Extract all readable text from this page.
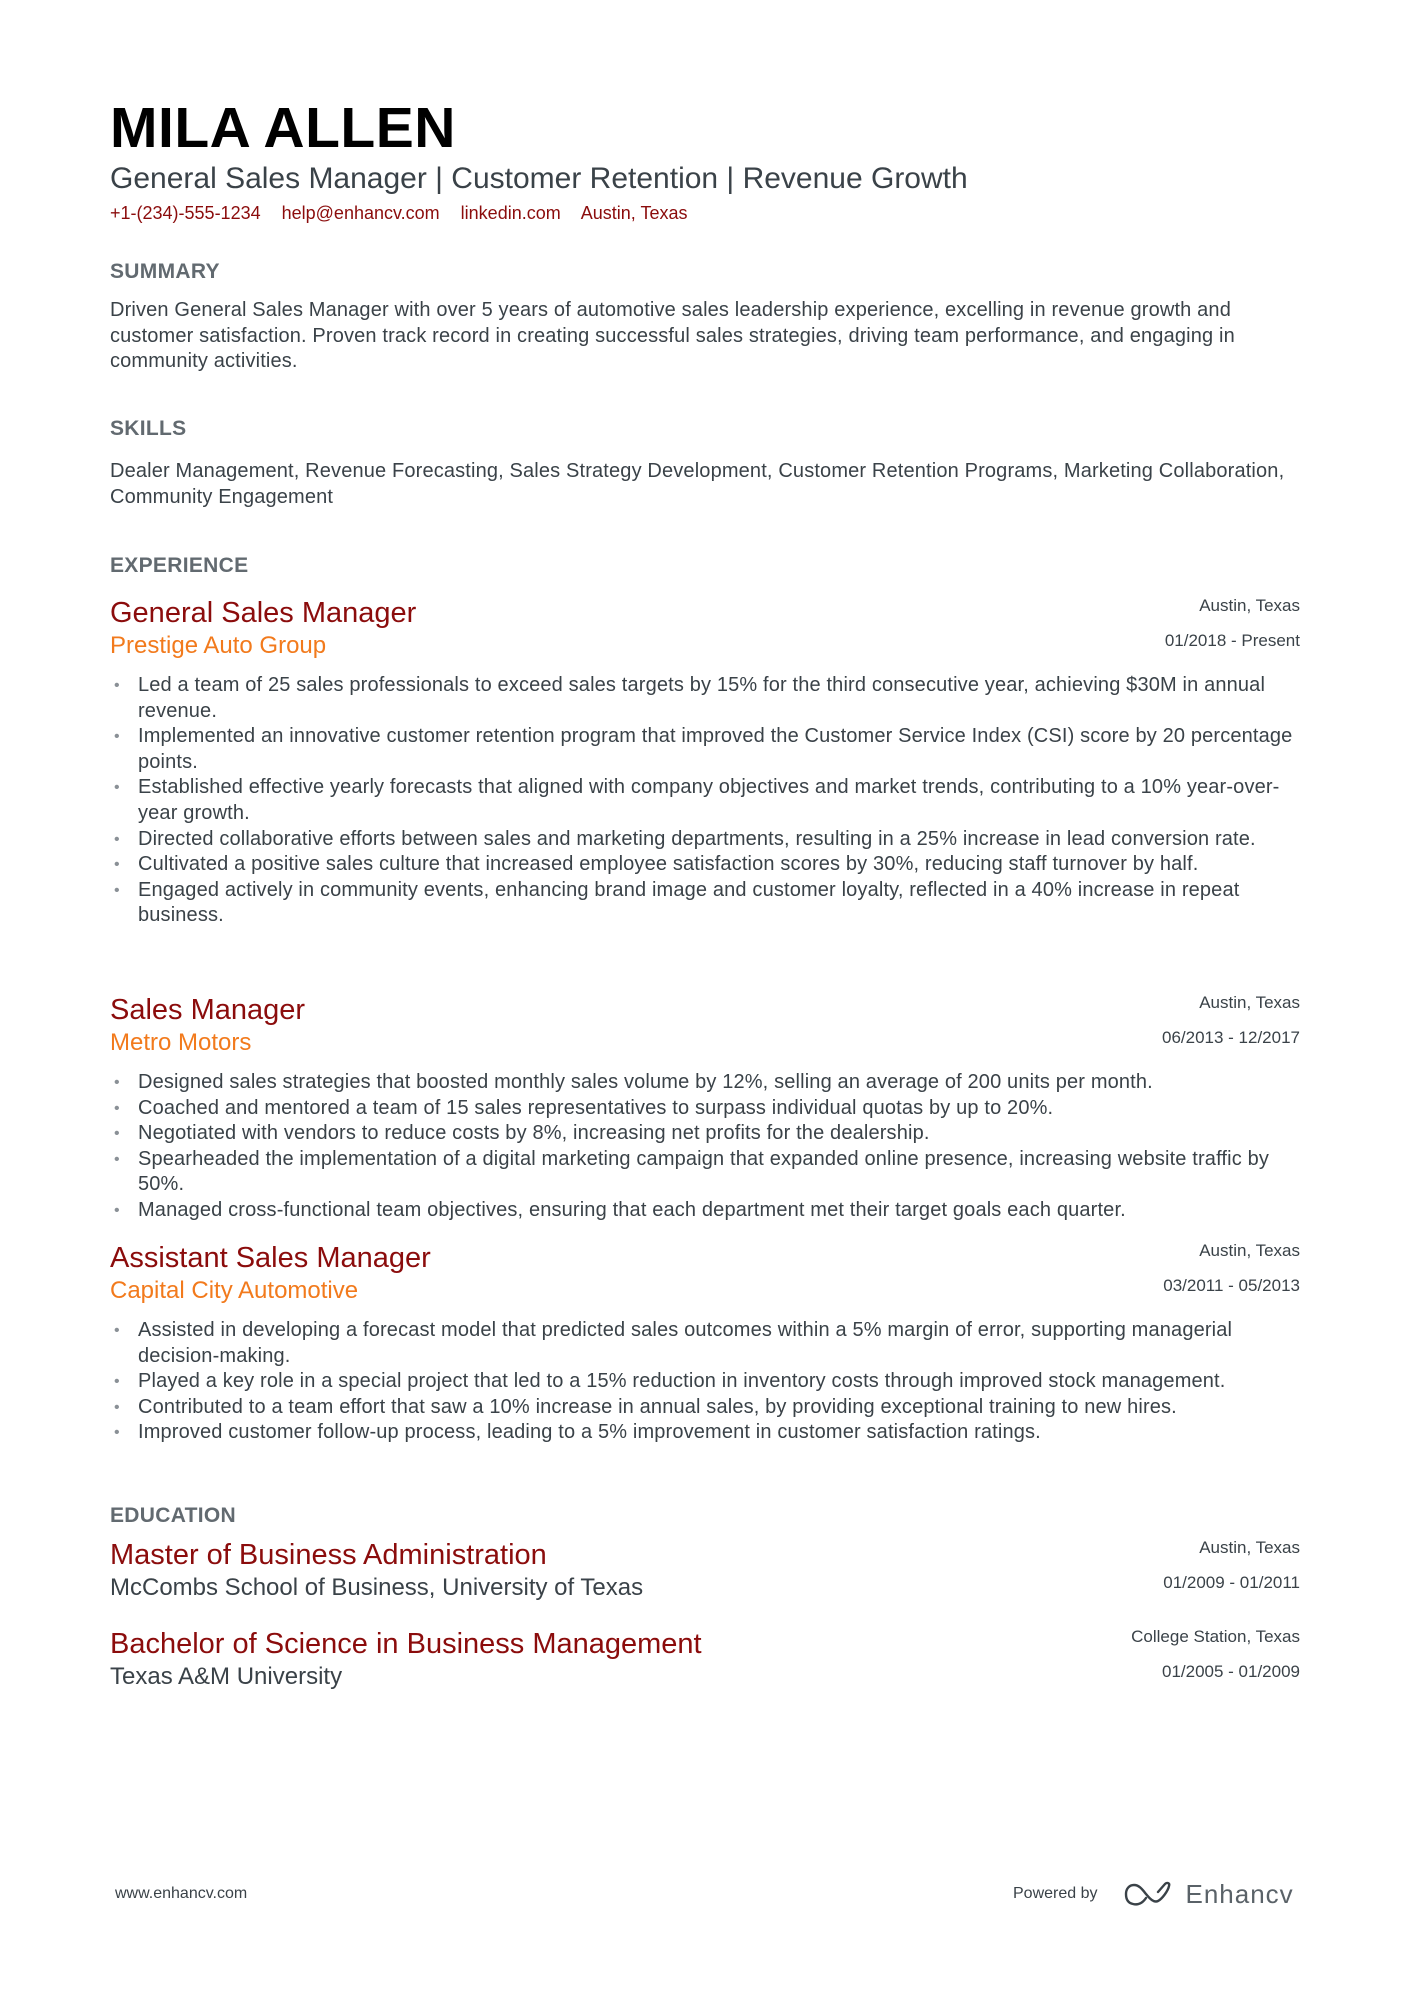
MILA ALLEN
General Sales Manager | Customer Retention | Revenue Growth
+1-(234)-555-1234 help@enhancv.com linkedin.com Austin, Texas
SUMMARY

Driven General Sales Manager with over 5 years of automotive sales leadership experience, excelling in revenue growth and customer satisfaction. Proven track record in creating successful sales strategies, driving team performance, and engaging in community activities.

SKILLS

Dealer Management, Revenue Forecasting, Sales Strategy Development, Customer Retention Programs, Marketing Collaboration, Community Engagement

EXPERIENCE
General Sales Manager
Prestige Auto Group
Austin, Texas
01/2018 - Present
• Led a team of 25 sales professionals to exceed sales targets by 15% for the third consecutive year, achieving $30M in annual revenue.
• Implemented an innovative customer retention program that improved the Customer Service Index (CSI) score by 20 percentage points.
• Established effective yearly forecasts that aligned with company objectives and market trends, contributing to a 10% year-over-year growth.
• Directed collaborative efforts between sales and marketing departments, resulting in a 25% increase in lead conversion rate.
• Cultivated a positive sales culture that increased employee satisfaction scores by 30%, reducing staff turnover by half.
• Engaged actively in community events, enhancing brand image and customer loyalty, reflected in a 40% increase in repeat business.
Sales Manager
Metro Motors
Austin, Texas
06/2013 - 12/2017
• Designed sales strategies that boosted monthly sales volume by 12%, selling an average of 200 units per month.
• Coached and mentored a team of 15 sales representatives to surpass individual quotas by up to 20%.
• Negotiated with vendors to reduce costs by 8%, increasing net profits for the dealership.
• Spearheaded the implementation of a digital marketing campaign that expanded online presence, increasing website traffic by 50%.
• Managed cross-functional team objectives, ensuring that each department met their target goals each quarter.
Assistant Sales Manager
Capital City Automotive
Austin, Texas
03/2011 - 05/2013
• Assisted in developing a forecast model that predicted sales outcomes within a 5% margin of error, supporting managerial decision-making.
• Played a key role in a special project that led to a 15% reduction in inventory costs through improved stock management.
• Contributed to a team effort that saw a 10% increase in annual sales, by providing exceptional training to new hires.
• Improved customer follow-up process, leading to a 5% improvement in customer satisfaction ratings.
EDUCATION
Master of Business Administration
McCombs School of Business, University of Texas
Austin, Texas
01/2009 - 01/2011
Bachelor of Science in Business Management
Texas A&M University
College Station, Texas
01/2005 - 01/2009
www.enhancv.com	Powered by	Enhancv
